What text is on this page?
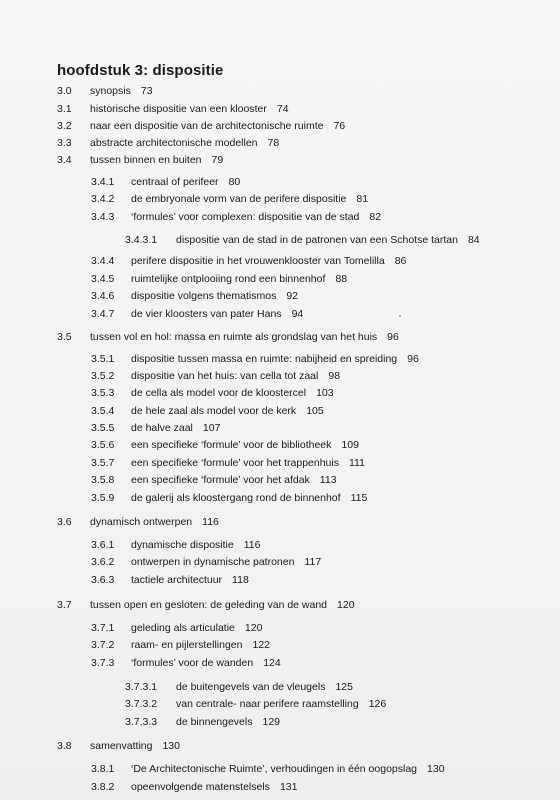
hoofdstuk 3: dispositie
3.0 synopsis 73
3.1 historische dispositie van een klooster 74
3.2 naar een dispositie van de architectonische ruimte 76
3.3 abstracte architectonische modellen 78
3.4 tussen binnen en buiten 79
3.4.1 centraal of perifeer 80
3.4.2 de embryonale vorm van de perifere dispositie 81
3.4.3 ‘formules’ voor complexen: dispositie van de stad 82
3.4.3.1 dispositie van de stad in de patronen van een Schotse tartan 84
3.4.4 perifere dispositie in het vrouwenklooster van Tomelilla 86
3.4.5 ruimtelijke ontplooiing rond een binnenhof 88
3.4.6 dispositie volgens thematismos 92
3.4.7 de vier kloosters van pater Hans 94
3.5 tussen vol en hol: massa en ruimte als grondslag van het huis 96
3.5.1 dispositie tussen massa en ruimte: nabijheid en spreiding 96
3.5.2 dispositie van het huis: van cella tot zaal 98
3.5.3 de cella als model voor de kloostercel 103
3.5.4 de hele zaal als model voor de kerk 105
3.5.5 de halve zaal 107
3.5.6 een specifieke ‘formule’ voor de bibliotheek 109
3.5.7 een specifieke ‘formule’ voor het trappenhuis 111
3.5.8 een specifieke ‘formule’ voor het afdak 113
3.5.9 de galerij als kloostergang rond de binnenhof 115
3.6 dynamisch ontwerpen 116
3.6.1 dynamische dispositie 116
3.6.2 ontwerpen in dynamische patronen 117
3.6.3 tactiele architectuur 118
3.7 tussen open en gesloten: de geleding van de wand 120
3.7.1 geleding als articulatie 120
3.7.2 raam- en pijlerstellingen 122
3.7.3 ‘formules’ voor de wanden 124
3.7.3.1 de buitengevels van de vleugels 125
3.7.3.2 van centrale- naar perifere raamstelling 126
3.7.3.3 de binnengevels 129
3.8 samenvatting 130
3.8.1 ‘De Architectonische Ruimte’, verhoudingen in één oogopslag 130
3.8.2 opeenvolgende matenstelsels 131
